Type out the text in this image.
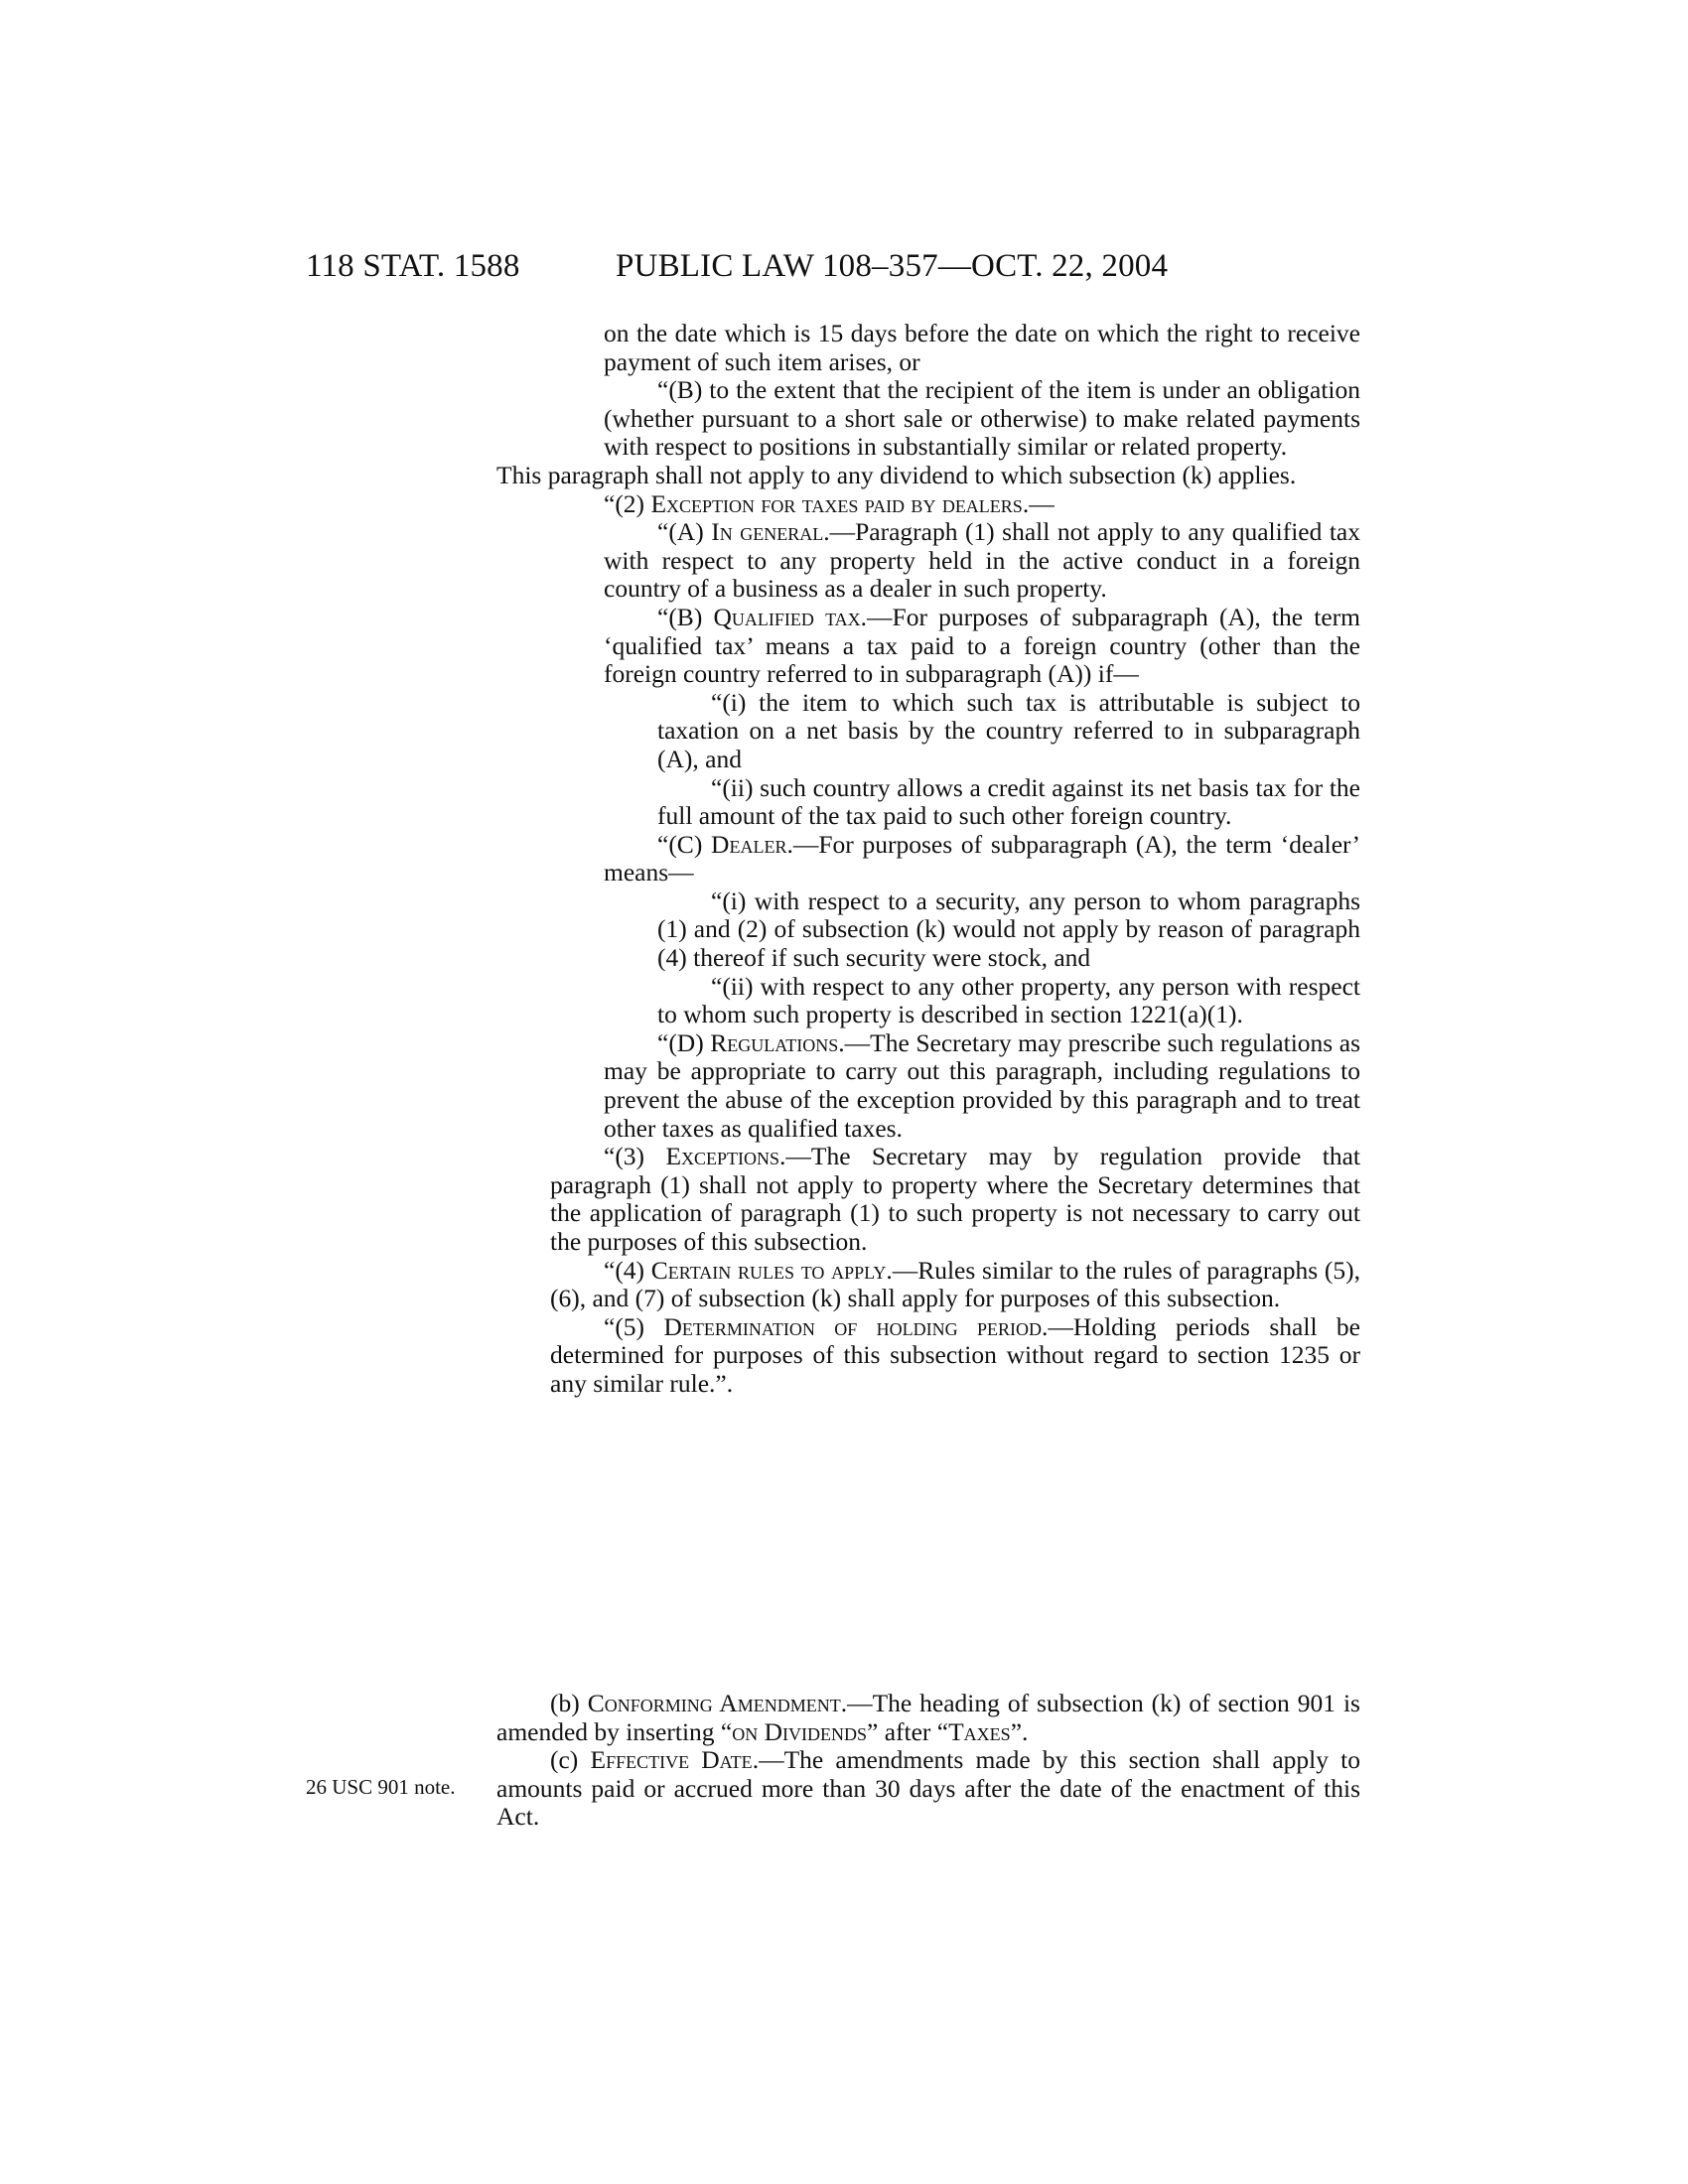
118 STAT. 1588	PUBLIC LAW 108–357—OCT. 22, 2004
26 USC 901 note.

on the date which is 15 days before the date on which the right to receive payment of such item arises, or

“(B) to the extent that the recipient of the item is under an obligation (whether pursuant to a short sale or otherwise) to make related payments with respect to positions in substantially similar or related property.

This paragraph shall not apply to any dividend to which subsection (k) applies.

“(2) Exception for taxes paid by dealers.—

“(A) In general.—Paragraph (1) shall not apply to any qualified tax with respect to any property held in the active conduct in a foreign country of a business as a dealer in such property.

“(B) Qualified tax.—For purposes of subparagraph (A), the term ‘qualified tax’ means a tax paid to a foreign country (other than the foreign country referred to in subparagraph (A)) if—

“(i) the item to which such tax is attributable is subject to taxation on a net basis by the country referred to in subparagraph (A), and

“(ii) such country allows a credit against its net basis tax for the full amount of the tax paid to such other foreign country.

“(C) Dealer.—For purposes of subparagraph (A), the term ‘dealer’ means—

“(i) with respect to a security, any person to whom paragraphs (1) and (2) of subsection (k) would not apply by reason of paragraph (4) thereof if such security were stock, and

“(ii) with respect to any other property, any person with respect to whom such property is described in section 1221(a)(1).

“(D) Regulations.—The Secretary may prescribe such regulations as may be appropriate to carry out this paragraph, including regulations to prevent the abuse of the exception provided by this paragraph and to treat other taxes as qualified taxes.

“(3) Exceptions.—The Secretary may by regulation provide that paragraph (1) shall not apply to property where the Secretary determines that the application of paragraph (1) to such property is not necessary to carry out the purposes of this subsection.

“(4) Certain rules to apply.—Rules similar to the rules of paragraphs (5), (6), and (7) of subsection (k) shall apply for purposes of this subsection.

“(5) Determination of holding period.—Holding periods shall be determined for purposes of this subsection without regard to section 1235 or any similar rule.”.

(b) Conforming Amendment.—The heading of subsection (k) of section 901 is amended by inserting “on Dividends” after “Taxes”.

(c) Effective Date.—The amendments made by this section shall apply to amounts paid or accrued more than 30 days after the date of the enactment of this Act.
